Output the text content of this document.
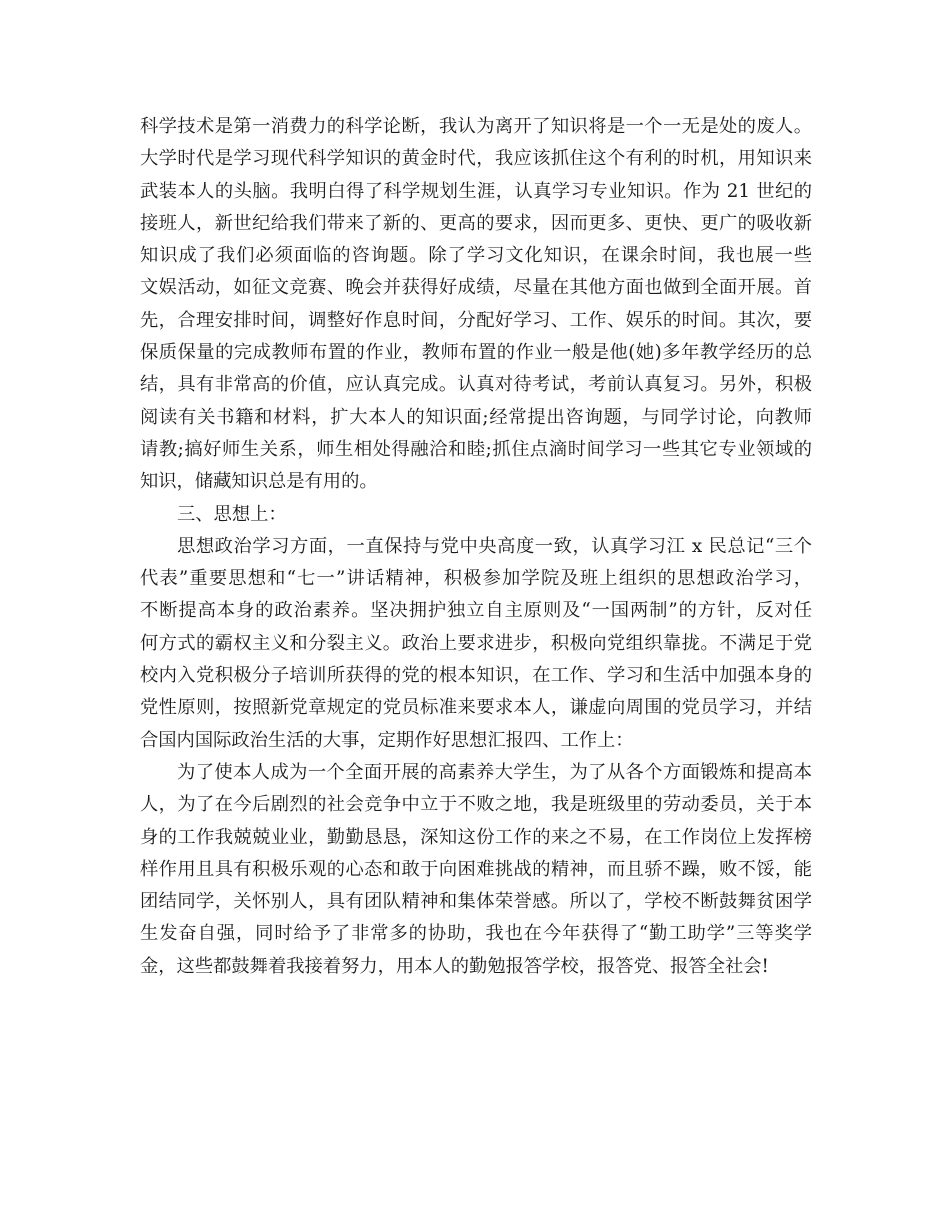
科学技术是第一消费力的科学论断，我认为离开了知识将是一个一无是处的废人。
大学时代是学习现代科学知识的黄金时代，我应该抓住这个有利的时机，用知识来
武装本人的头脑。我明白得了科学规划生涯，认真学习专业知识。作为 21 世纪的
接班人，新世纪给我们带来了新的、更高的要求，因而更多、更快、更广的吸收新
知识成了我们必须面临的咨询题。除了学习文化知识，在课余时间，我也展一些
文娱活动，如征文竞赛、晚会并获得好成绩，尽量在其他方面也做到全面开展。首
先，合理安排时间，调整好作息时间，分配好学习、工作、娱乐的时间。其次，要
保质保量的完成教师布置的作业，教师布置的作业一般是他(她)多年教学经历的总
结，具有非常高的价值，应认真完成。认真对待考试，考前认真复习。另外，积极
阅读有关书籍和材料，扩大本人的知识面;经常提出咨询题，与同学讨论，向教师
请教;搞好师生关系，师生相处得融洽和睦;抓住点滴时间学习一些其它专业领域的
知识，储藏知识总是有用的。
三、思想上：
思想政治学习方面，一直保持与党中央高度一致，认真学习江 x 民总记“三个
代表”重要思想和“七一”讲话精神，积极参加学院及班上组织的思想政治学习，
不断提高本身的政治素养。坚决拥护独立自主原则及“一国两制”的方针，反对任
何方式的霸权主义和分裂主义。政治上要求进步，积极向党组织靠拢。不满足于党
校内入党积极分子培训所获得的党的根本知识，在工作、学习和生活中加强本身的
党性原则，按照新党章规定的党员标准来要求本人，谦虚向周围的党员学习，并结
合国内国际政治生活的大事，定期作好思想汇报四、工作上：
为了使本人成为一个全面开展的高素养大学生，为了从各个方面锻炼和提高本
人，为了在今后剧烈的社会竞争中立于不败之地，我是班级里的劳动委员，关于本
身的工作我兢兢业业，勤勤恳恳，深知这份工作的来之不易，在工作岗位上发挥榜
样作用且具有积极乐观的心态和敢于向困难挑战的精神，而且骄不躁，败不馁，能
团结同学，关怀别人，具有团队精神和集体荣誉感。所以了，学校不断鼓舞贫困学
生发奋自强，同时给予了非常多的协助，我也在今年获得了“勤工助学”三等奖学
金，这些都鼓舞着我接着努力，用本人的勤勉报答学校，报答党、报答全社会!
